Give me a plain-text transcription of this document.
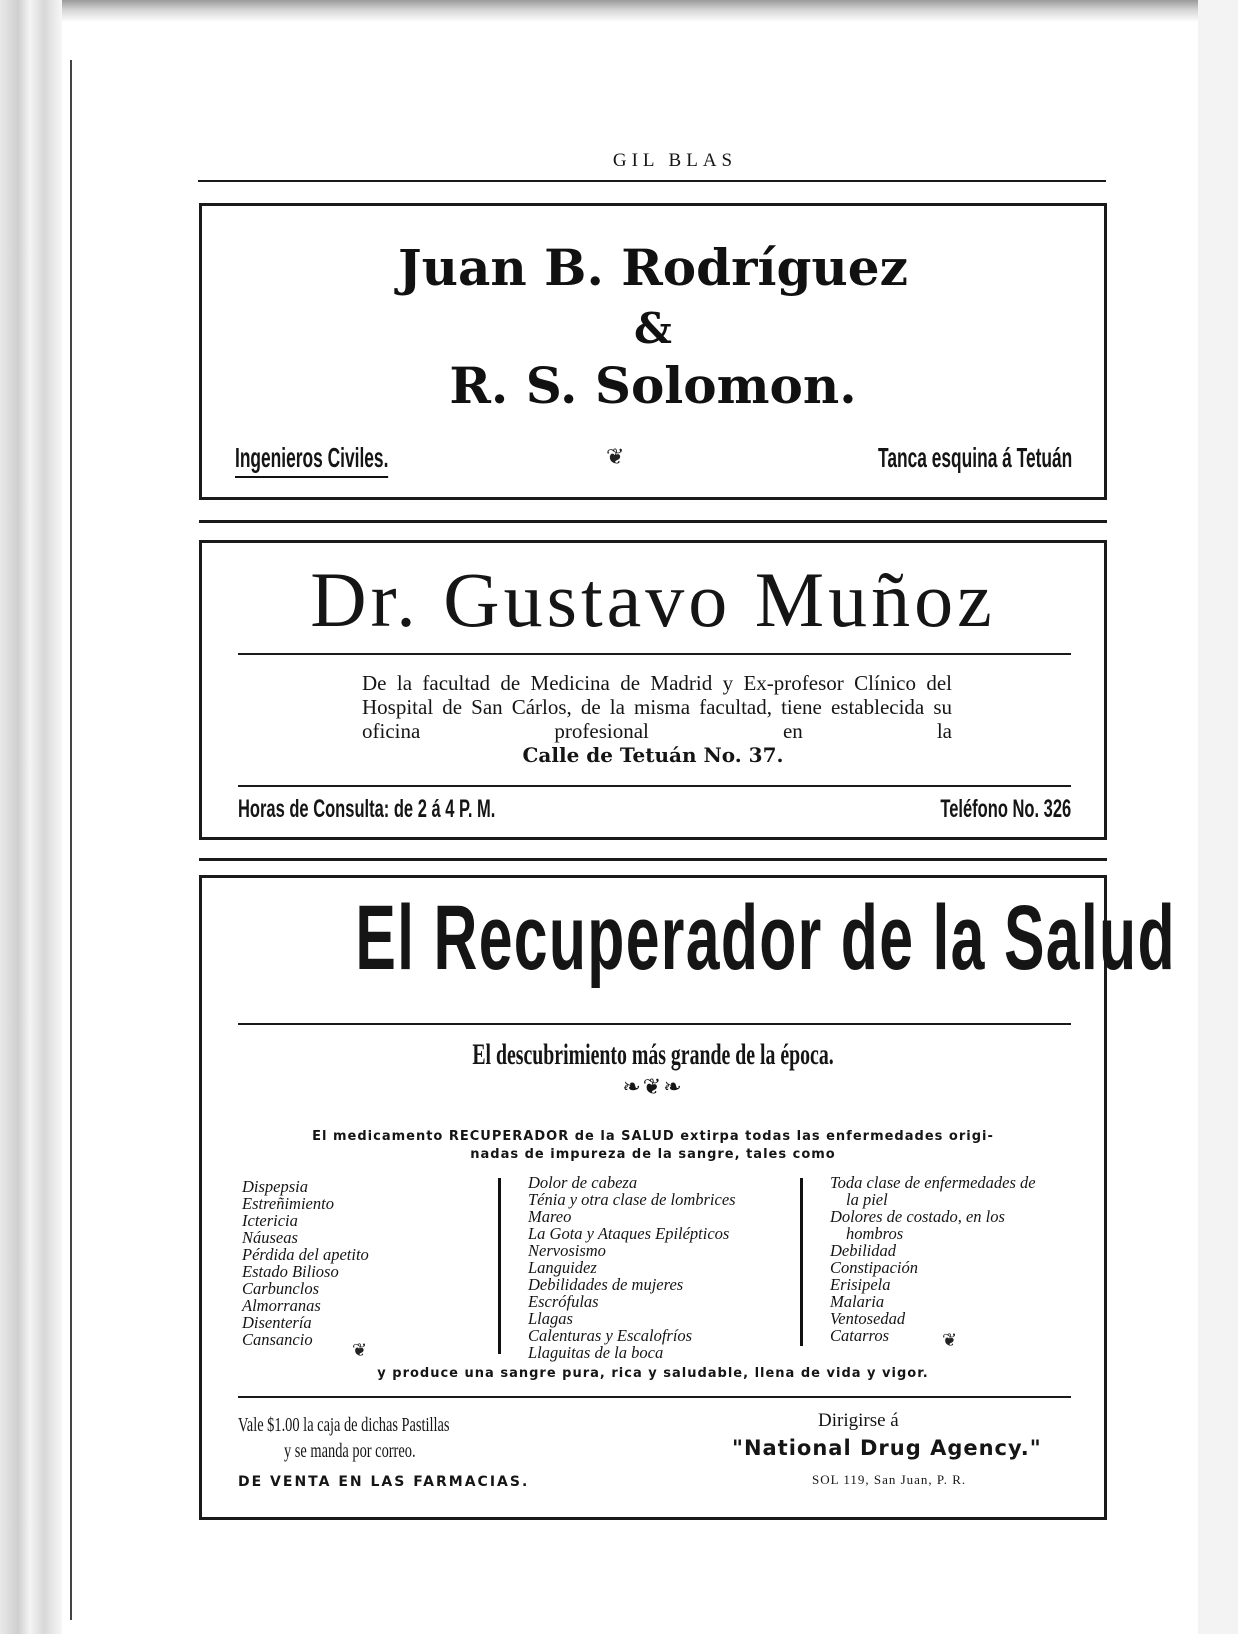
GIL BLAS
Juan B. Rodríguez
&
R. S. Solomon.
Ingenieros Civiles.	❦	Tanca esquina á Tetuán
Dr. Gustavo Muñoz
De la facultad de Medicina de Madrid y Ex-profesor Clínico del Hospital de San Cárlos, de la misma facultad, tiene establecida su oficina profesional en la
Calle de Tetuán No. 37.
Horas de Consulta: de 2 á 4 P. M.	Teléfono No. 326
El Recuperador de la Salud
El descubrimiento más grande de la época.
❧❦❧
El medicamento RECUPERADOR de la SALUD extirpa todas las enfermedades origi-
nadas de impureza de la sangre, tales como
Dispepsia
Estreñimiento
Ictericia
Náuseas
Pérdida del apetito
Estado Bilioso
Carbunclos
Almorranas
Disentería
Cansancio
❦
Dolor de cabeza
Ténia y otra clase de lombrices
Mareo
La Gota y Ataques Epilépticos
Nervosismo
Languidez
Debilidades de mujeres
Escrófulas
Llagas
Calenturas y Escalofríos
Llaguitas de la boca
Toda clase de enfermedades de
la piel
Dolores de costado, en los
hombros
Debilidad
Constipación
Erisipela
Malaria
Ventosedad
Catarros	❦
y produce una sangre pura, rica y saludable, llena de vida y vigor.
Vale $1.00 la caja de dichas Pastillas
y se manda por correo.
DE VENTA EN LAS FARMACIAS.
Dirigirse á
"National Drug Agency."
SOL 119, San Juan, P. R.
